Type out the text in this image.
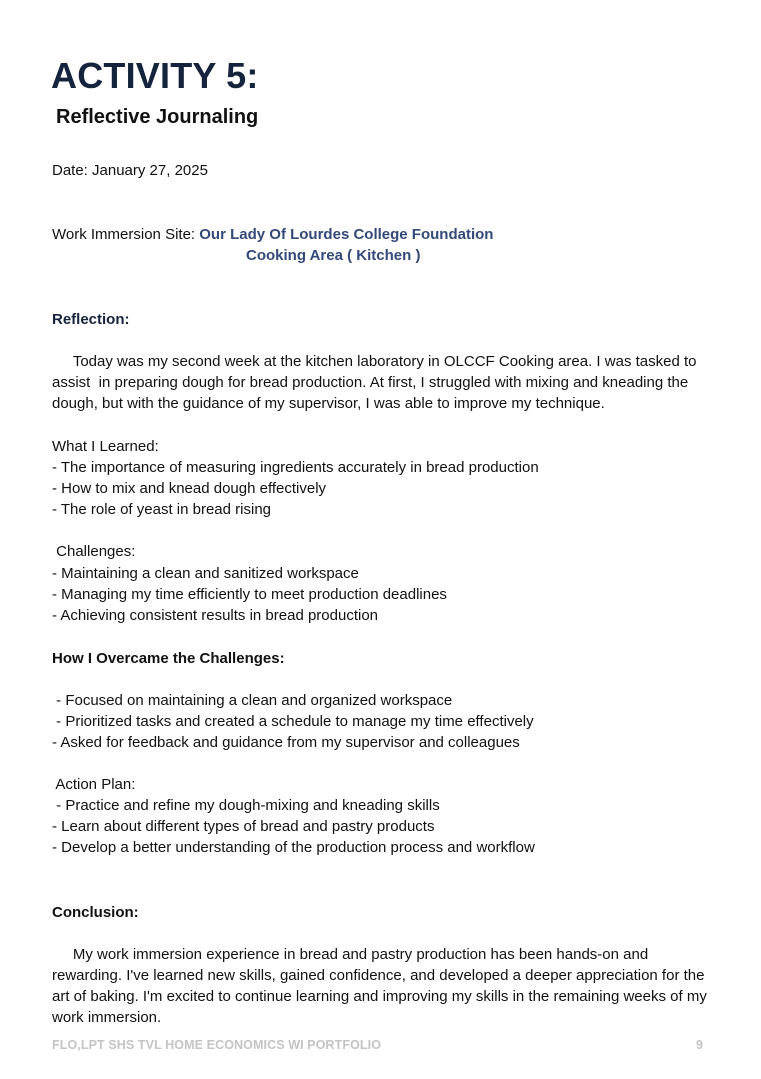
ACTIVITY 5:
Reflective Journaling
Date: January 27, 2025
Work Immersion Site: Our Lady Of Lourdes College Foundation
Cooking Area ( Kitchen )
Reflection:
Today was my second week at the kitchen laboratory in OLCCF Cooking area. I was tasked to assist  in preparing dough for bread production. At first, I struggled with mixing and kneading the dough, but with the guidance of my supervisor, I was able to improve my technique.
What I Learned:
- The importance of measuring ingredients accurately in bread production
- How to mix and knead dough effectively
- The role of yeast in bread rising
Challenges:
- Maintaining a clean and sanitized workspace
- Managing my time efficiently to meet production deadlines
- Achieving consistent results in bread production
How I Overcame the Challenges:
- Focused on maintaining a clean and organized workspace
- Prioritized tasks and created a schedule to manage my time effectively
- Asked for feedback and guidance from my supervisor and colleagues
Action Plan:
- Practice and refine my dough-mixing and kneading skills
- Learn about different types of bread and pastry products
- Develop a better understanding of the production process and workflow
Conclusion:
My work immersion experience in bread and pastry production has been hands-on and rewarding. I've learned new skills, gained confidence, and developed a deeper appreciation for the art of baking. I'm excited to continue learning and improving my skills in the remaining weeks of my work immersion.
FLO,LPT SHS TVL HOME ECONOMICS WI PORTFOLIO	9
